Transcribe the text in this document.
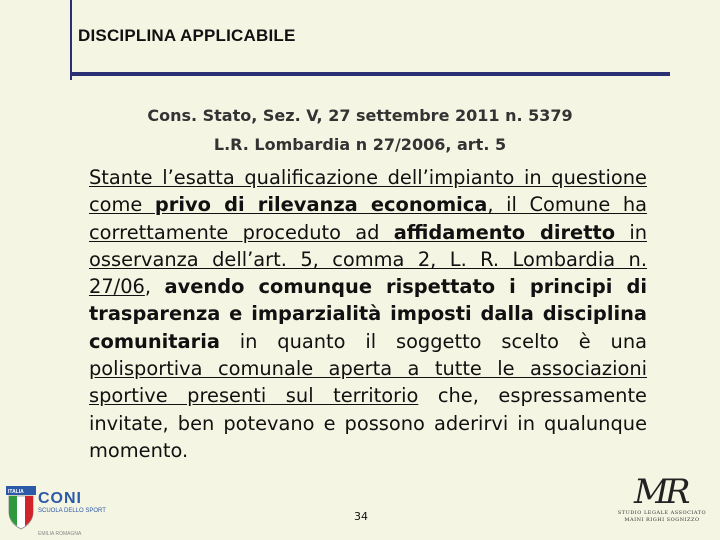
DISCIPLINA APPLICABILE
Cons. Stato, Sez. V, 27 settembre 2011 n. 5379
L.R. Lombardia n 27/2006, art. 5
Stante l’esatta qualificazione dell’impianto in questione come privo di rilevanza economica, il Comune ha correttamente proceduto ad affidamento diretto in osservanza dell’art. 5, comma 2, L. R. Lombardia n. 27/06, avendo comunque rispettato i principi di trasparenza e imparzialità imposti dalla disciplina comunitaria in quanto il soggetto scelto è una polisportiva comunale aperta a tutte le associazioni sportive presenti sul territorio che, espressamente invitate, ben potevano e possono aderirvi in qualunque momento.
34
ITALIA CONI
SCUOLA DELLO SPORT
EMILIA ROMAGNA
MR
STUDIO LEGALE ASSOCIATO MAINI RIGHI SOGNIZZO
